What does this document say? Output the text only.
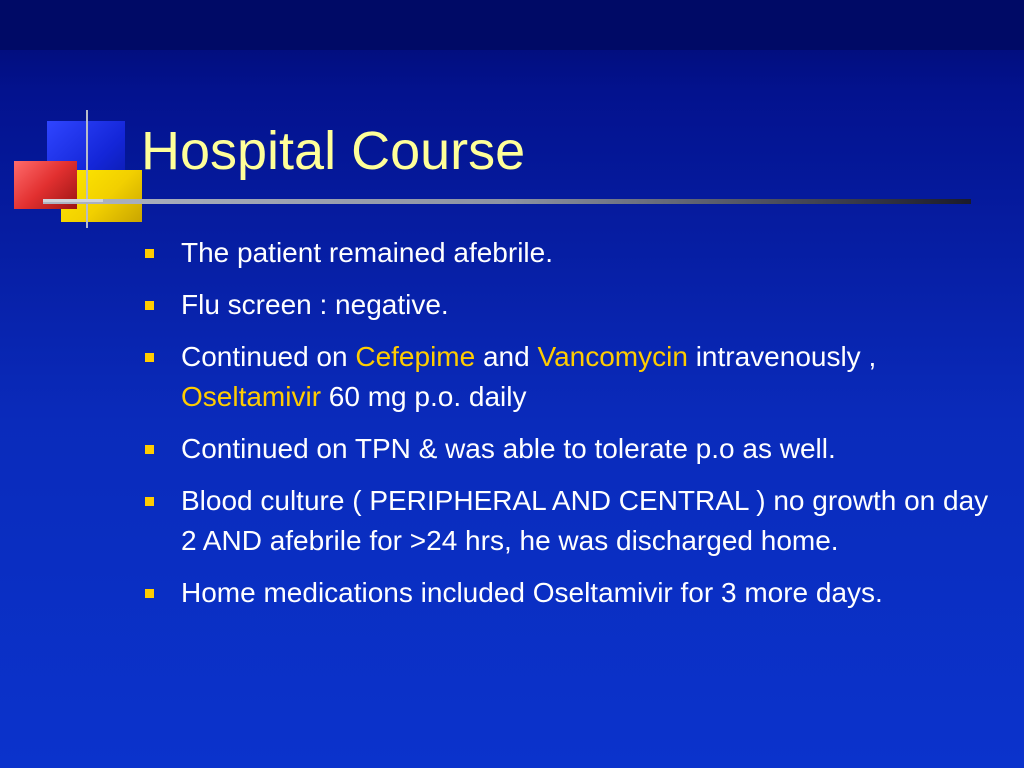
Hospital Course
The patient remained afebrile.
Flu screen : negative.
Continued on Cefepime and Vancomycin intravenously , Oseltamivir 60 mg p.o. daily
Continued on TPN & was able to tolerate p.o as well.
Blood culture ( PERIPHERAL AND CENTRAL ) no growth on day 2 AND afebrile for >24 hrs, he was discharged home.
Home medications included Oseltamivir for 3 more days.
